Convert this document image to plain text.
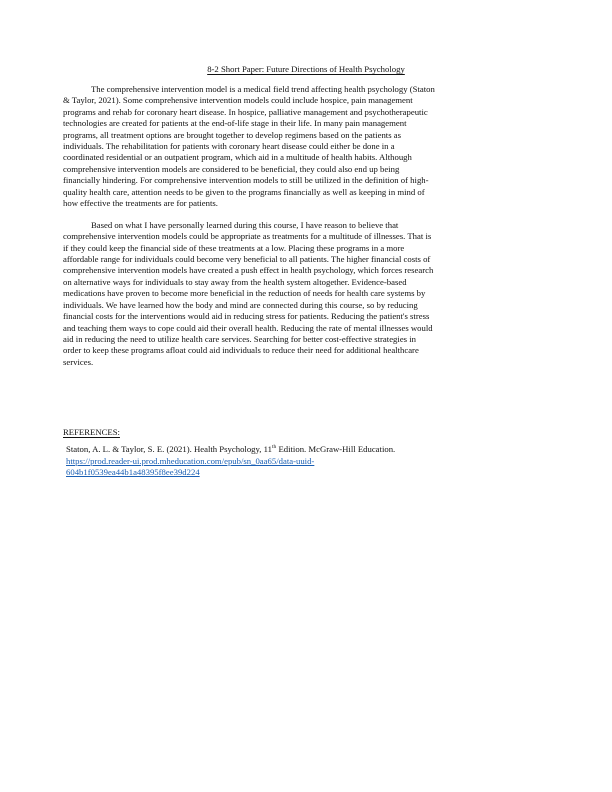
8-2 Short Paper: Future Directions of Health Psychology

The comprehensive intervention model is a medical field trend affecting health psychology (Staton & Taylor, 2021). Some comprehensive intervention models could include hospice, pain management programs and rehab for coronary heart disease. In hospice, palliative management and psychotherapeutic technologies are created for patients at the end-of-life stage in their life. In many pain management programs, all treatment options are brought together to develop regimens based on the patients as individuals. The rehabilitation for patients with coronary heart disease could either be done in a coordinated residential or an outpatient program, which aid in a multitude of health habits. Although comprehensive intervention models are considered to be beneficial, they could also end up being financially hindering. For comprehensive intervention models to still be utilized in the definition of high-quality health care, attention needs to be given to the programs financially as well as keeping in mind of how effective the treatments are for patients.

Based on what I have personally learned during this course, I have reason to believe that comprehensive intervention models could be appropriate as treatments for a multitude of illnesses. That is if they could keep the financial side of these treatments at a low. Placing these programs in a more affordable range for individuals could become very beneficial to all patients. The higher financial costs of comprehensive intervention models have created a push effect in health psychology, which forces research on alternative ways for individuals to stay away from the health system altogether. Evidence-based medications have proven to become more beneficial in the reduction of needs for health care systems by individuals. We have learned how the body and mind are connected during this course, so by reducing financial costs for the interventions would aid in reducing stress for patients. Reducing the patient's stress and teaching them ways to cope could aid their overall health. Reducing the rate of mental illnesses would aid in reducing the need to utilize health care services. Searching for better cost-effective strategies in order to keep these programs afloat could aid individuals to reduce their need for additional healthcare services.

REFERENCES:
Staton, A. L. & Taylor, S. E. (2021). Health Psychology, 11th Edition. McGraw-Hill Education.
https://prod.reader-ui.prod.mheducation.com/epub/sn_0aa65/data-uuid-604b1f0539ea44b1a48395f8ee39d224
